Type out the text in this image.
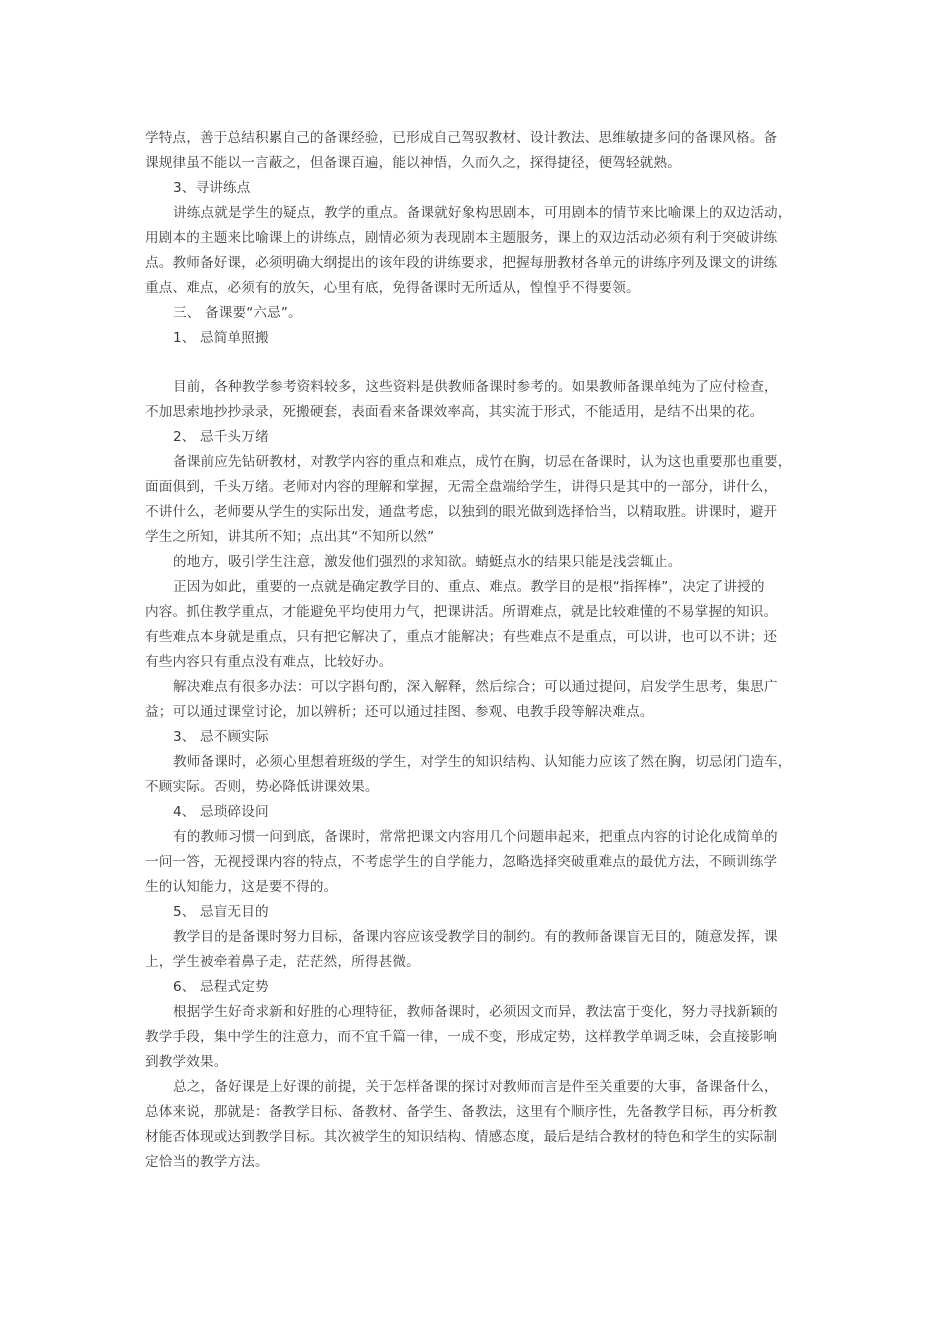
学特点，善于总结积累自己的备课经验，已形成自己驾驭教材、设计教法、思维敏捷多问的备课风格。备
课规律虽不能以一言蔽之，但备课百遍，能以神悟，久而久之，探得捷径，便驾轻就熟。
3、寻讲练点
讲练点就是学生的疑点，教学的重点。备课就好象构思剧本，可用剧本的情节来比喻课上的双边活动，
用剧本的主题来比喻课上的讲练点，剧情必须为表现剧本主题服务，课上的双边活动必须有利于突破讲练
点。教师备好课，必须明确大纲提出的该年段的讲练要求，把握每册教材各单元的讲练序列及课文的讲练
重点、难点，必须有的放矢，心里有底，免得备课时无所适从，惶惶乎不得要领。
三、 备课要“六忌”。
1、 忌简单照搬
目前，各种教学参考资料较多，这些资料是供教师备课时参考的。如果教师备课单纯为了应付检查，
不加思索地抄抄录录，死搬硬套，表面看来备课效率高，其实流于形式，不能适用，是结不出果的花。
2、 忌千头万绪
备课前应先钻研教材，对教学内容的重点和难点，成竹在胸，切忌在备课时，认为这也重要那也重要，
面面俱到，千头万绪。老师对内容的理解和掌握，无需全盘端给学生，讲得只是其中的一部分，讲什么，
不讲什么，老师要从学生的实际出发，通盘考虑，以独到的眼光做到选择恰当，以精取胜。讲课时，避开
学生之所知，讲其所不知；点出其“不知所以然”
的地方，吸引学生注意，激发他们强烈的求知欲。蜻蜓点水的结果只能是浅尝辄止。
正因为如此，重要的一点就是确定教学目的、重点、难点。教学目的是根“指挥棒”，决定了讲授的
内容。抓住教学重点，才能避免平均使用力气，把课讲活。所谓难点，就是比较难懂的不易掌握的知识。
有些难点本身就是重点，只有把它解决了，重点才能解决；有些难点不是重点，可以讲，也可以不讲；还
有些内容只有重点没有难点，比较好办。
解决难点有很多办法：可以字斟句酌，深入解释，然后综合；可以通过提问，启发学生思考，集思广
益；可以通过课堂讨论，加以辨析；还可以通过挂图、参观、电教手段等解决难点。
3、 忌不顾实际
教师备课时，必须心里想着班级的学生，对学生的知识结构、认知能力应该了然在胸，切忌闭门造车，
不顾实际。否则，势必降低讲课效果。
4、 忌琐碎设问
有的教师习惯一问到底，备课时，常常把课文内容用几个问题串起来，把重点内容的讨论化成简单的
一问一答，无视授课内容的特点，不考虑学生的自学能力，忽略选择突破重难点的最优方法，不顾训练学
生的认知能力，这是要不得的。
5、 忌盲无目的
教学目的是备课时努力目标，备课内容应该受教学目的制约。有的教师备课盲无目的，随意发挥，课
上，学生被牵着鼻子走，茫茫然，所得甚微。
6、 忌程式定势
根据学生好奇求新和好胜的心理特征，教师备课时，必须因文而异，教法富于变化，努力寻找新颖的
教学手段，集中学生的注意力，而不宜千篇一律，一成不变，形成定势，这样教学单调乏味，会直接影响
到教学效果。
总之，备好课是上好课的前提，关于怎样备课的探讨对教师而言是件至关重要的大事，备课备什么，
总体来说，那就是：备教学目标、备教材、备学生、备教法，这里有个顺序性，先备教学目标，再分析教
材能否体现或达到教学目标。其次被学生的知识结构、情感态度，最后是结合教材的特色和学生的实际制
定恰当的教学方法。
